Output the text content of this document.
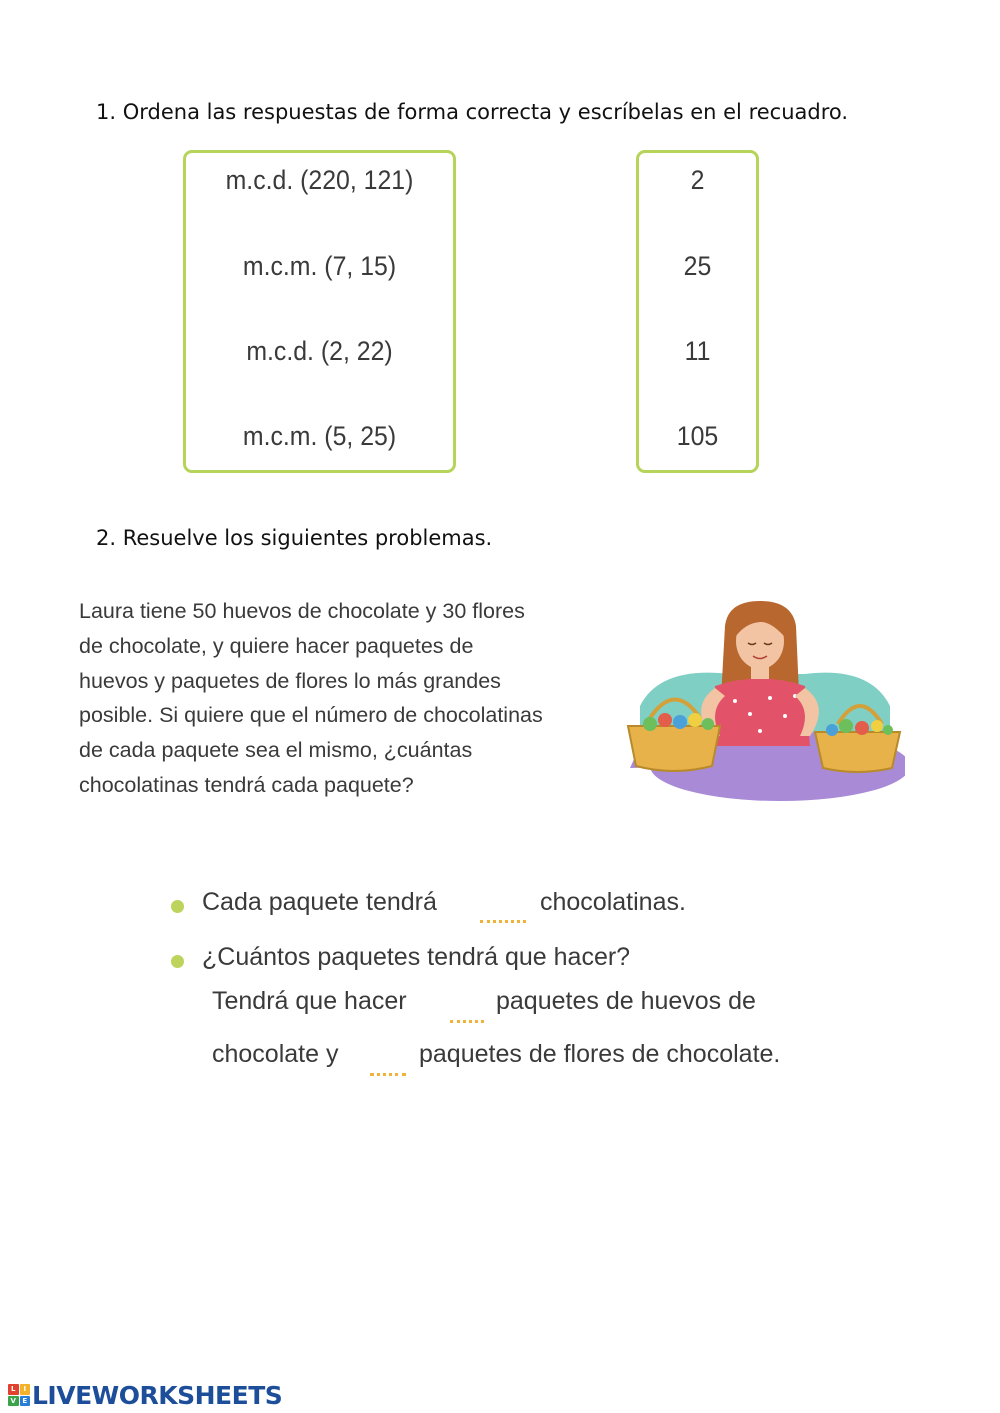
1. Ordena las respuestas de forma correcta y escríbelas en el recuadro.
m.c.d. (220, 121)
m.c.m. (7, 15)
m.c.d. (2, 22)
m.c.m. (5, 25)
2
25
11
105
2. Resuelve los siguientes problemas.
Laura tiene 50 huevos de chocolate y 30 flores
de chocolate, y quiere hacer paquetes de
huevos y paquetes de flores lo más grandes
posible. Si quiere que el número de chocolatinas
de cada paquete sea el mismo, ¿cuántas
chocolatinas tendrá cada paquete?
Cada paquete tendrá	chocolatinas.
¿Cuántos paquetes tendrá que hacer?
Tendrá que hacer	paquetes de huevos de
chocolate y	paquetes de flores de chocolate.
L	I
V E LIVEWORKSHEETS
